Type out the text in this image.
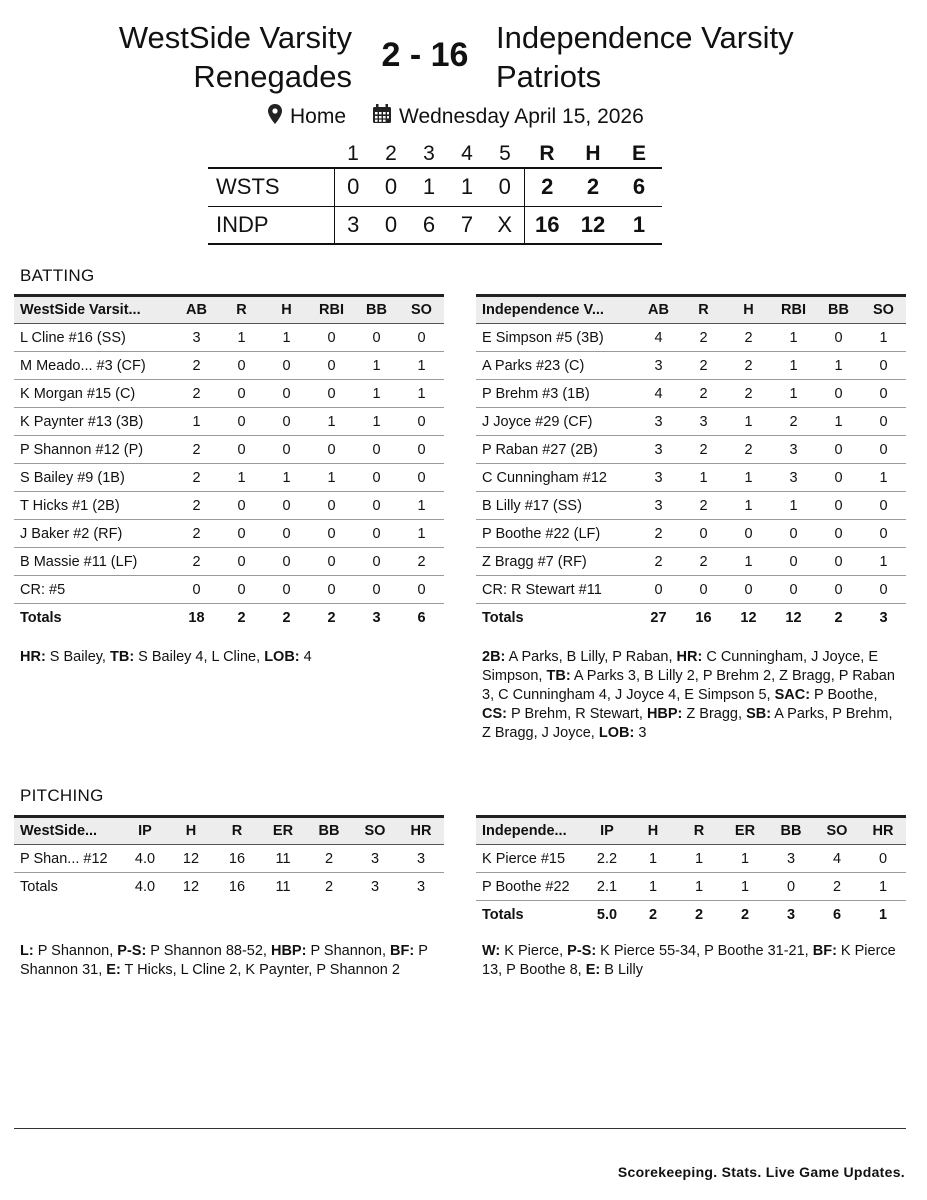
WestSide Varsity
Renegades
2 - 16 Independence Varsity
Patriots
Home	Wednesday April 15, 2026
	1	2	3	4	5	R	H	E
WSTS	0	0	1	1	0	2	2	6
INDP	3	0	6	7	X	16	12	1
BATTING
WestSide Varsit...	AB	R	H	RBI	BB	SO
L Cline #16 (SS)	3	1	1	0	0	0
M Meado... #3 (CF)	2	0	0	0	1	1
K Morgan #15 (C)	2	0	0	0	1	1
K Paynter #13 (3B)	1	0	0	1	1	0
P Shannon #12 (P)	2	0	0	0	0	0
S Bailey #9 (1B)	2	1	1	1	0	0
T Hicks #1 (2B)	2	0	0	0	0	1
J Baker #2 (RF)	2	0	0	0	0	1
B Massie #11 (LF)	2	0	0	0	0	2
CR: #5	0	0	0	0	0	0
Totals	18	2	2	2	3	6
Independence V...	AB	R	H	RBI	BB	SO
E Simpson #5 (3B)	4	2	2	1	0	1
A Parks #23 (C)	3	2	2	1	1	0
P Brehm #3 (1B)	4	2	2	1	0	0
J Joyce #29 (CF)	3	3	1	2	1	0
P Raban #27 (2B)	3	2	2	3	0	0
C Cunningham #12	3	1	1	3	0	1
B Lilly #17 (SS)	3	2	1	1	0	0
P Boothe #22 (LF)	2	0	0	0	0	0
Z Bragg #7 (RF)	2	2	1	0	0	1
CR: R Stewart #11	0	0	0	0	0	0
Totals	27	16	12	12	2	3
HR: S Bailey, TB: S Bailey 4, L Cline, LOB: 4	2B: A Parks, B Lilly, P Raban, HR: C Cunningham, J Joyce, E Simpson, TB: A Parks 3, B Lilly 2, P Brehm 2, Z Bragg, P Raban 3, C Cunningham 4, J Joyce 4, E Simpson 5, SAC: P Boothe, CS: P Brehm, R Stewart, HBP: Z Bragg, SB: A Parks, P Brehm, Z Bragg, J Joyce, LOB: 3
PITCHING
WestSide...	IP	H	R	ER	BB	SO	HR
P Shan... #12	4.0	12	16	11	2	3	3
Totals	4.0	12	16	11	2	3	3
Independe...	IP	H	R	ER	BB	SO	HR
K Pierce #15	2.2	1	1	1	3	4	0
P Boothe #22	2.1	1	1	1	0	2	1
Totals	5.0	2	2	2	3	6	1
L: P Shannon, P-S: P Shannon 88-52, HBP: P Shannon, BF: P Shannon 31, E: T Hicks, L Cline 2, K Paynter, P Shannon 2
W: K Pierce, P-S: K Pierce 55-34, P Boothe 31-21, BF: K Pierce 13, P Boothe 8, E: B Lilly
Scorekeeping. Stats. Live Game Updates.
